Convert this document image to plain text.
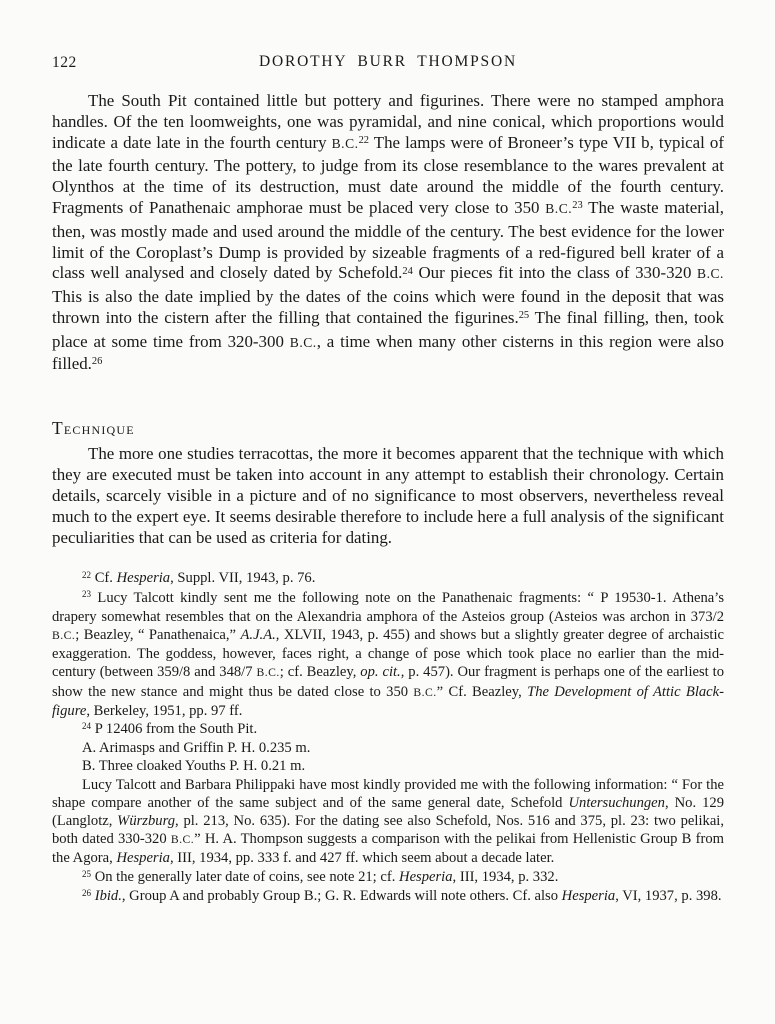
122	DOROTHY BURR THOMPSON

The South Pit contained little but pottery and figurines. There were no stamped amphora handles. Of the ten loomweights, one was pyramidal, and nine conical, which proportions would indicate a date late in the fourth century B.C.$^{22}$ The lamps were of Broneer’s type VII b, typical of the late fourth century. The pottery, to judge from its close resemblance to the wares prevalent at Olynthos at the time of its destruction, must date around the middle of the fourth century. Fragments of Panathenaic amphorae must be placed very close to 350 B.C.$^{23}$ The waste material, then, was mostly made and used around the middle of the century. The best evidence for the lower limit of the Coroplast’s Dump is provided by sizeable fragments of a red-figured bell krater of a class well analysed and closely dated by Schefold.$^{24}$ Our pieces fit into the class of 330-320 B.C. This is also the date implied by the dates of the coins which were found in the deposit that was thrown into the cistern after the filling that contained the figurines.$^{25}$ The final filling, then, took place at some time from 320-300 B.C., a time when many other cisterns in this region were also filled.$^{26}$

Technique

The more one studies terracottas, the more it becomes apparent that the technique with which they are executed must be taken into account in any attempt to establish their chronology. Certain details, scarcely visible in a picture and of no significance to most observers, nevertheless reveal much to the expert eye. It seems desirable therefore to include here a full analysis of the significant peculiarities that can be used as criteria for dating.

$^{22}$ Cf. Hesperia, Suppl. VII, 1943, p. 76.

$^{23}$ Lucy Talcott kindly sent me the following note on the Panathenaic fragments: “ P 19530-1. Athena’s drapery somewhat resembles that on the Alexandria amphora of the Asteios group (Asteios was archon in 373/2 B.C.; Beazley, “ Panathenaica,” A.J.A., XLVII, 1943, p. 455) and shows but a slightly greater degree of archaistic exaggeration. The goddess, however, faces right, a change of pose which took place no earlier than the mid-century (between 359/8 and 348/7 B.C.; cf. Beazley, op. cit., p. 457). Our fragment is perhaps one of the earliest to show the new stance and might thus be dated close to 350 B.C.” Cf. Beazley, The Development of Attic Black-figure, Berkeley, 1951, pp. 97 ff.

$^{24}$ P 12406 from the South Pit.

A. Arimasps and Griffin P. H. 0.235 m.

B. Three cloaked Youths P. H. 0.21 m.

Lucy Talcott and Barbara Philippaki have most kindly provided me with the following information: “ For the shape compare another of the same subject and of the same general date, Schefold Untersuchungen, No. 129 (Langlotz, Würzburg, pl. 213, No. 635). For the dating see also Schefold, Nos. 516 and 375, pl. 23: two pelikai, both dated 330-320 B.C.” H. A. Thompson suggests a comparison with the pelikai from Hellenistic Group B from the Agora, Hesperia, III, 1934, pp. 333 f. and 427 ff. which seem about a decade later.

$^{25}$ On the generally later date of coins, see note 21; cf. Hesperia, III, 1934, p. 332.

$^{26}$ Ibid., Group A and probably Group B.; G. R. Edwards will note others. Cf. also Hesperia, VI, 1937, p. 398.
